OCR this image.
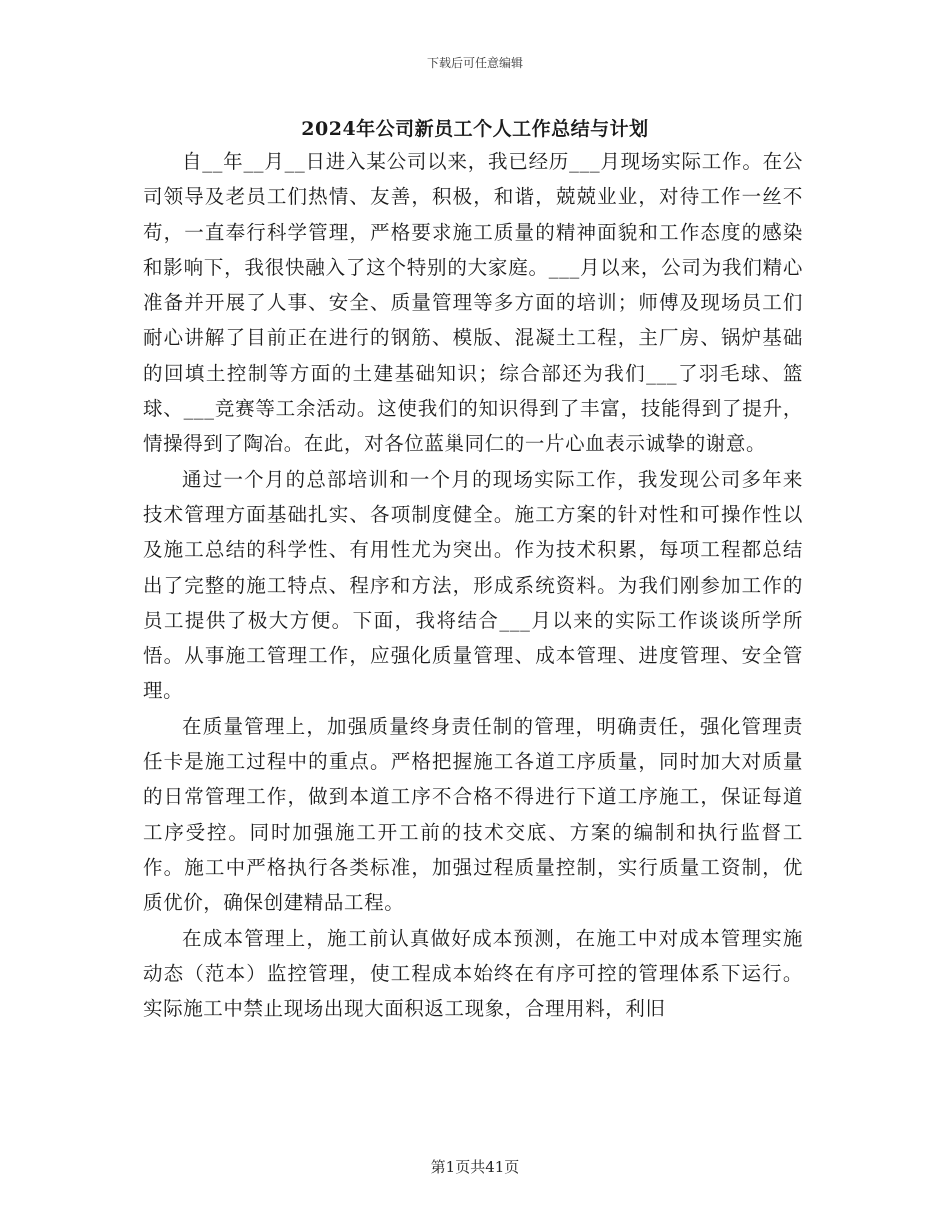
下载后可任意编辑
2024年公司新员工个人工作总结与计划

自__年__月__日进入某公司以来，我已经历___月现场实际工作。在公司领导及老员工们热情、友善，积极，和谐，兢兢业业，对待工作一丝不苟，一直奉行科学管理，严格要求施工质量的精神面貌和工作态度的感染和影响下，我很快融入了这个特别的大家庭。___月以来，公司为我们精心准备并开展了人事、安全、质量管理等多方面的培训；师傅及现场员工们耐心讲解了目前正在进行的钢筋、模版、混凝土工程，主厂房、锅炉基础的回填土控制等方面的土建基础知识；综合部还为我们___了羽毛球、篮球、___竞赛等工余活动。这使我们的知识得到了丰富，技能得到了提升，情操得到了陶冶。在此，对各位蓝巢同仁的一片心血表示诚挚的谢意。

通过一个月的总部培训和一个月的现场实际工作，我发现公司多年来技术管理方面基础扎实、各项制度健全。施工方案的针对性和可操作性以及施工总结的科学性、有用性尤为突出。作为技术积累，每项工程都总结出了完整的施工特点、程序和方法，形成系统资料。为我们刚参加工作的员工提供了极大方便。下面，我将结合___月以来的实际工作谈谈所学所悟。从事施工管理工作，应强化质量管理、成本管理、进度管理、安全管理。

在质量管理上，加强质量终身责任制的管理，明确责任，强化管理责任卡是施工过程中的重点。严格把握施工各道工序质量，同时加大对质量的日常管理工作，做到本道工序不合格不得进行下道工序施工，保证每道工序受控。同时加强施工开工前的技术交底、方案的编制和执行监督工作。施工中严格执行各类标准，加强过程质量控制，实行质量工资制，优质优价，确保创建精品工程。

在成本管理上，施工前认真做好成本预测，在施工中对成本管理实施动态（范本）监控管理，使工程成本始终在有序可控的管理体系下运行。实际施工中禁止现场出现大面积返工现象，合理用料，利旧

第1页共41页
